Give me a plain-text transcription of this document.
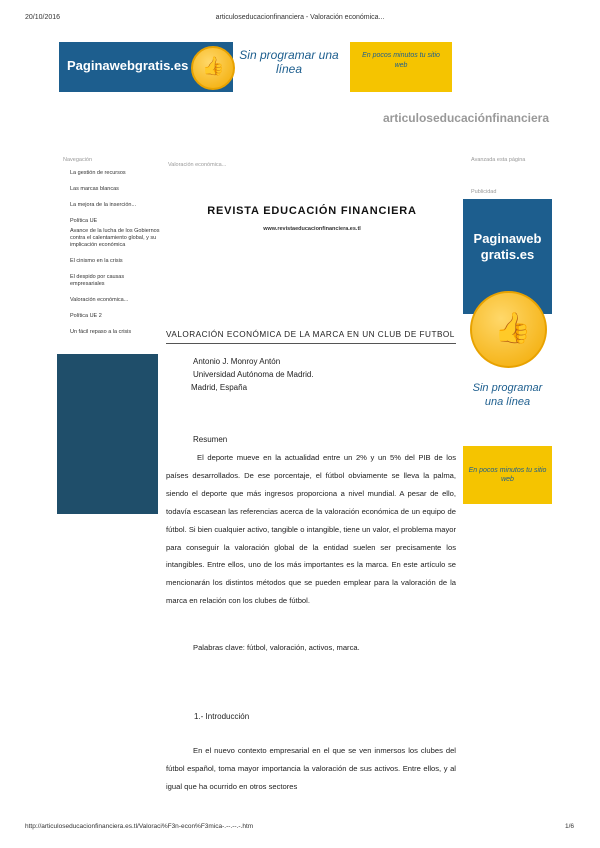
20/10/2016	articuloseducacionfinanciera - Valoración económica...
Paginawebgratis.es
👍
Sin programar una línea
En pocos minutos tu sitio web
articuloseducaciónfinanciera
Navegación
La gestión de recursos
Las marcas blancas
La mejora de la inserción...
Política UE
Avance de la lucha de los Gobiernos contra el calentamiento global, y su implicación económica
El cinismo en la crisis
El despido por causas empresariales
Valoración económica...
Política UE 2
Un fácil repaso a la crisis
Valoración económica...
Avanzada esta página
Publicidad
Paginaweb
gratis.es
👍
Sin programar una línea
En pocos minutos tu sitio web
REVISTA EDUCACIÓN FINANCIERA
www.revistaeducacionfinanciera.es.tl
VALORACIÓN ECONÓMICA DE LA MARCA EN UN CLUB DE FUTBOL
Antonio J. Monroy Antón
Universidad Autónoma de Madrid.
Madrid, España
Resumen
El deporte mueve en la actualidad entre un 2% y un 5% del PIB de los países desarrollados. De ese porcentaje, el fútbol obviamente se lleva la palma, siendo el deporte que más ingresos proporciona a nivel mundial. A pesar de ello, todavía escasean las referencias acerca de la valoración económica de un equipo de fútbol. Si bien cualquier activo, tangible o intangible, tiene un valor, el problema mayor para conseguir la valoración global de la entidad suelen ser precisamente los intangibles. Entre ellos, uno de los más importantes es la marca. En este artículo se mencionarán los distintos métodos que se pueden emplear para la valoración de la marca en relación con los clubes de fútbol.
Palabras clave: fútbol, valoración, activos, marca.
1.- Introducción
En el nuevo contexto empresarial en el que se ven inmersos los clubes del fútbol español, toma mayor importancia la valoración de sus activos. Entre ellos, y al igual que ha ocurrido en otros sectores
http://articuloseducacionfinanciera.es.tl/Valoraci%F3n-econ%F3mica-.--.--.-.htm	1/6
